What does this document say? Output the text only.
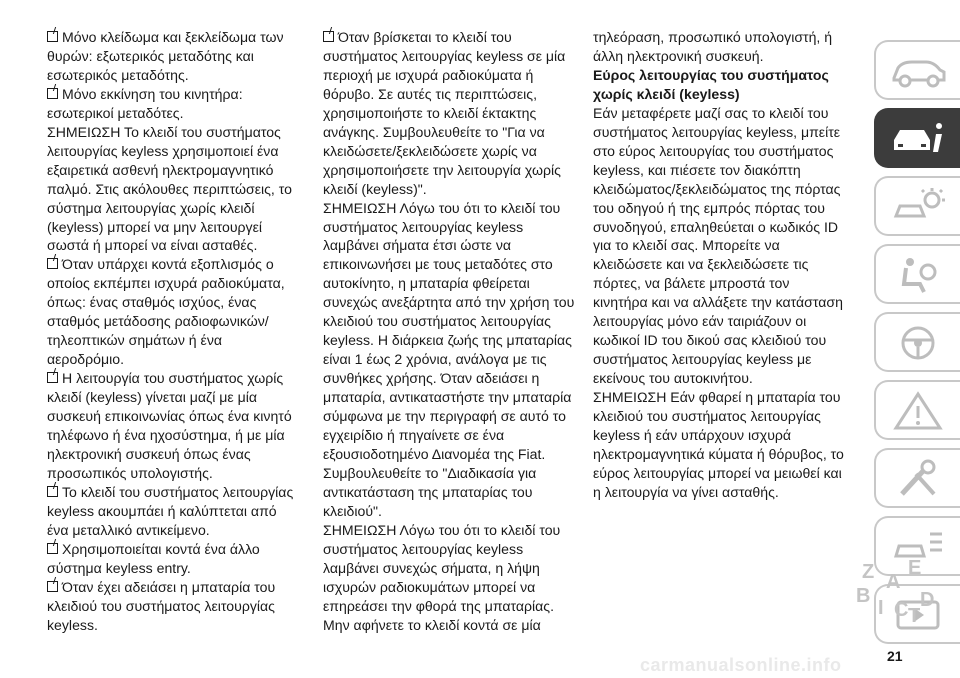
Μόνο κλείδωμα και ξεκλείδωμα των θυρών: εξωτερικός μεταδότης και εσωτερικός μεταδότης.

Μόνο εκκίνηση του κινητήρα: εσωτερικοί μεταδότες.

ΣΗΜΕΙΩΣΗ Το κλειδί του συστήματος λειτουργίας keyless χρησιμοποιεί ένα εξαιρετικά ασθενή ηλεκτρομαγνητικό παλμό. Στις ακόλουθες περιπτώσεις, το σύστημα λειτουργίας χωρίς κλειδί (keyless) μπορεί να μην λειτουργεί σωστά ή μπορεί να είναι ασταθές.

Όταν υπάρχει κοντά εξοπλισμός ο οποίος εκπέμπει ισχυρά ραδιοκύματα, όπως: ένας σταθμός ισχύος, ένας σταθμός μετάδοσης ραδιοφωνικών/τηλεοπτικών σημάτων ή ένα αεροδρόμιο.

Η λειτουργία του συστήματος χωρίς κλειδί (keyless) γίνεται μαζί με μία συσκευή επικοινωνίας όπως ένα κινητό τηλέφωνο ή ένα ηχοσύστημα, ή με μία ηλεκτρονική συσκευή όπως ένας προσωπικός υπολογιστής.

Το κλειδί του συστήματος λειτουργίας keyless ακουμπάει ή καλύπτεται από ένα μεταλλικό αντικείμενο.

Χρησιμοποιείται κοντά ένα άλλο σύστημα keyless entry.

Όταν έχει αδειάσει η μπαταρία του κλειδιού του συστήματος λειτουργίας keyless.

Όταν βρίσκεται το κλειδί του συστήματος λειτουργίας keyless σε μία περιοχή με ισχυρά ραδιοκύματα ή θόρυβο. Σε αυτές τις περιπτώσεις, χρησιμοποιήστε το κλειδί έκτακτης ανάγκης. Συμβουλευθείτε το "Για να κλειδώσετε/ξεκλειδώσετε χωρίς να χρησιμοποιήσετε την λειτουργία χωρίς κλειδί (keyless)".

ΣΗΜΕΙΩΣΗ Λόγω του ότι το κλειδί του συστήματος λειτουργίας keyless λαμβάνει σήματα έτσι ώστε να επικοινωνήσει με τους μεταδότες στο αυτοκίνητο, η μπαταρία φθείρεται συνεχώς ανεξάρτητα από την χρήση του κλειδιού του συστήματος λειτουργίας keyless. Η διάρκεια ζωής της μπαταρίας είναι 1 έως 2 χρόνια, ανάλογα με τις συνθήκες χρήσης. Όταν αδειάσει η μπαταρία, αντικαταστήστε την μπαταρία σύμφωνα με την περιγραφή σε αυτό το εγχειρίδιο ή πηγαίνετε σε ένα εξουσιοδοτημένο Διανομέα της Fiat. Συμβουλευθείτε το "Διαδικασία για αντικατάσταση της μπαταρίας του κλειδιού".

ΣΗΜΕΙΩΣΗ Λόγω του ότι το κλειδί του συστήματος λειτουργίας keyless λαμβάνει συνεχώς σήματα, η λήψη ισχυρών ραδιοκυμάτων μπορεί να επηρεάσει την φθορά της μπαταρίας. Μην αφήνετε το κλειδί κοντά σε μία

τηλεόραση, προσωπικό υπολογιστή, ή άλλη ηλεκτρονική συσκευή.

Εύρος λειτουργίας του συστήματος χωρίς κλειδί (keyless)

Εάν μεταφέρετε μαζί σας το κλειδί του συστήματος λειτουργίας keyless, μπείτε στο εύρος λειτουργίας του συστήματος keyless, και πιέσετε τον διακόπτη κλειδώματος/ξεκλειδώματος της πόρτας του οδηγού ή της εμπρός πόρτας του συνοδηγού, επαληθεύεται ο κωδικός ID για το κλειδί σας. Μπορείτε να κλειδώσετε και να ξεκλειδώσετε τις πόρτες, να βάλετε μπροστά τον κινητήρα και να αλλάξετε την κατάσταση λειτουργίας μόνο εάν ταιριάζουν οι κωδικοί ID του δικού σας κλειδιού του συστήματος λειτουργίας keyless με εκείνους του αυτοκινήτου.

ΣΗΜΕΙΩΣΗ Εάν φθαρεί η μπαταρία του κλειδιού του συστήματος λειτουργίας keyless ή εάν υπάρχουν ισχυρά ηλεκτρομαγνητικά κύματα ή θόρυβος, το εύρος λειτουργίας μπορεί να μειωθεί και η λειτουργία να γίνει ασταθής.

Z E
A
B
I C T
D
21
carmanualsonline.info
